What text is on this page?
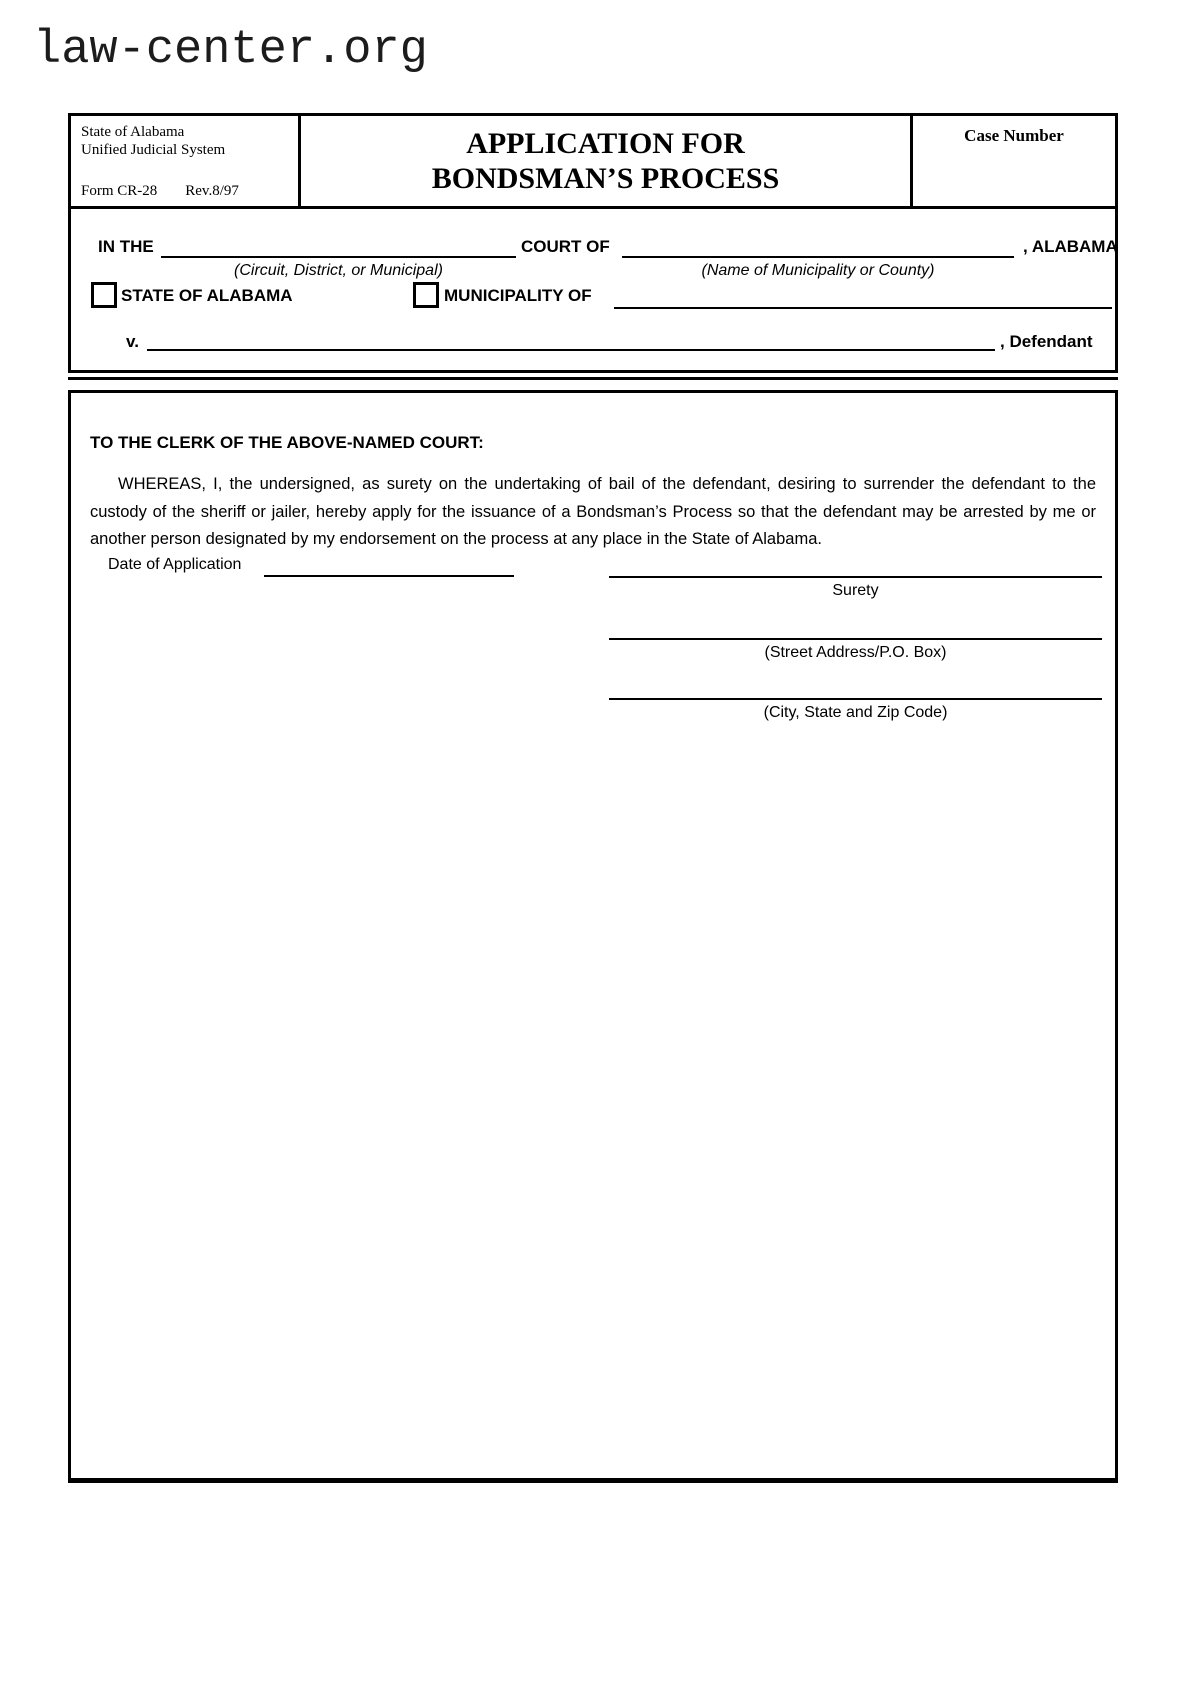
law-center.org
State of Alabama
Unified Judicial System
Form CR-28 Rev.8/97
APPLICATION FOR
BONDSMAN’S PROCESS
Case Number
IN THE	COURT OF	, ALABAMA
(Circuit, District, or Municipal)	(Name of Municipality or County)
STATE OF ALABAMA	MUNICIPALITY OF
v.	, Defendant
TO THE CLERK OF THE ABOVE-NAMED COURT:
WHEREAS, I, the undersigned, as surety on the undertaking of bail of the defendant, desiring to surrender the defendant to the custody of the sheriff or jailer, hereby apply for the issuance of a Bondsman’s Process so that the defendant may be arrested by me or another person designated by my endorsement on the process at any place in the State of Alabama.
Date of Application
Surety
(Street Address/P.O. Box)
(City, State and Zip Code)
